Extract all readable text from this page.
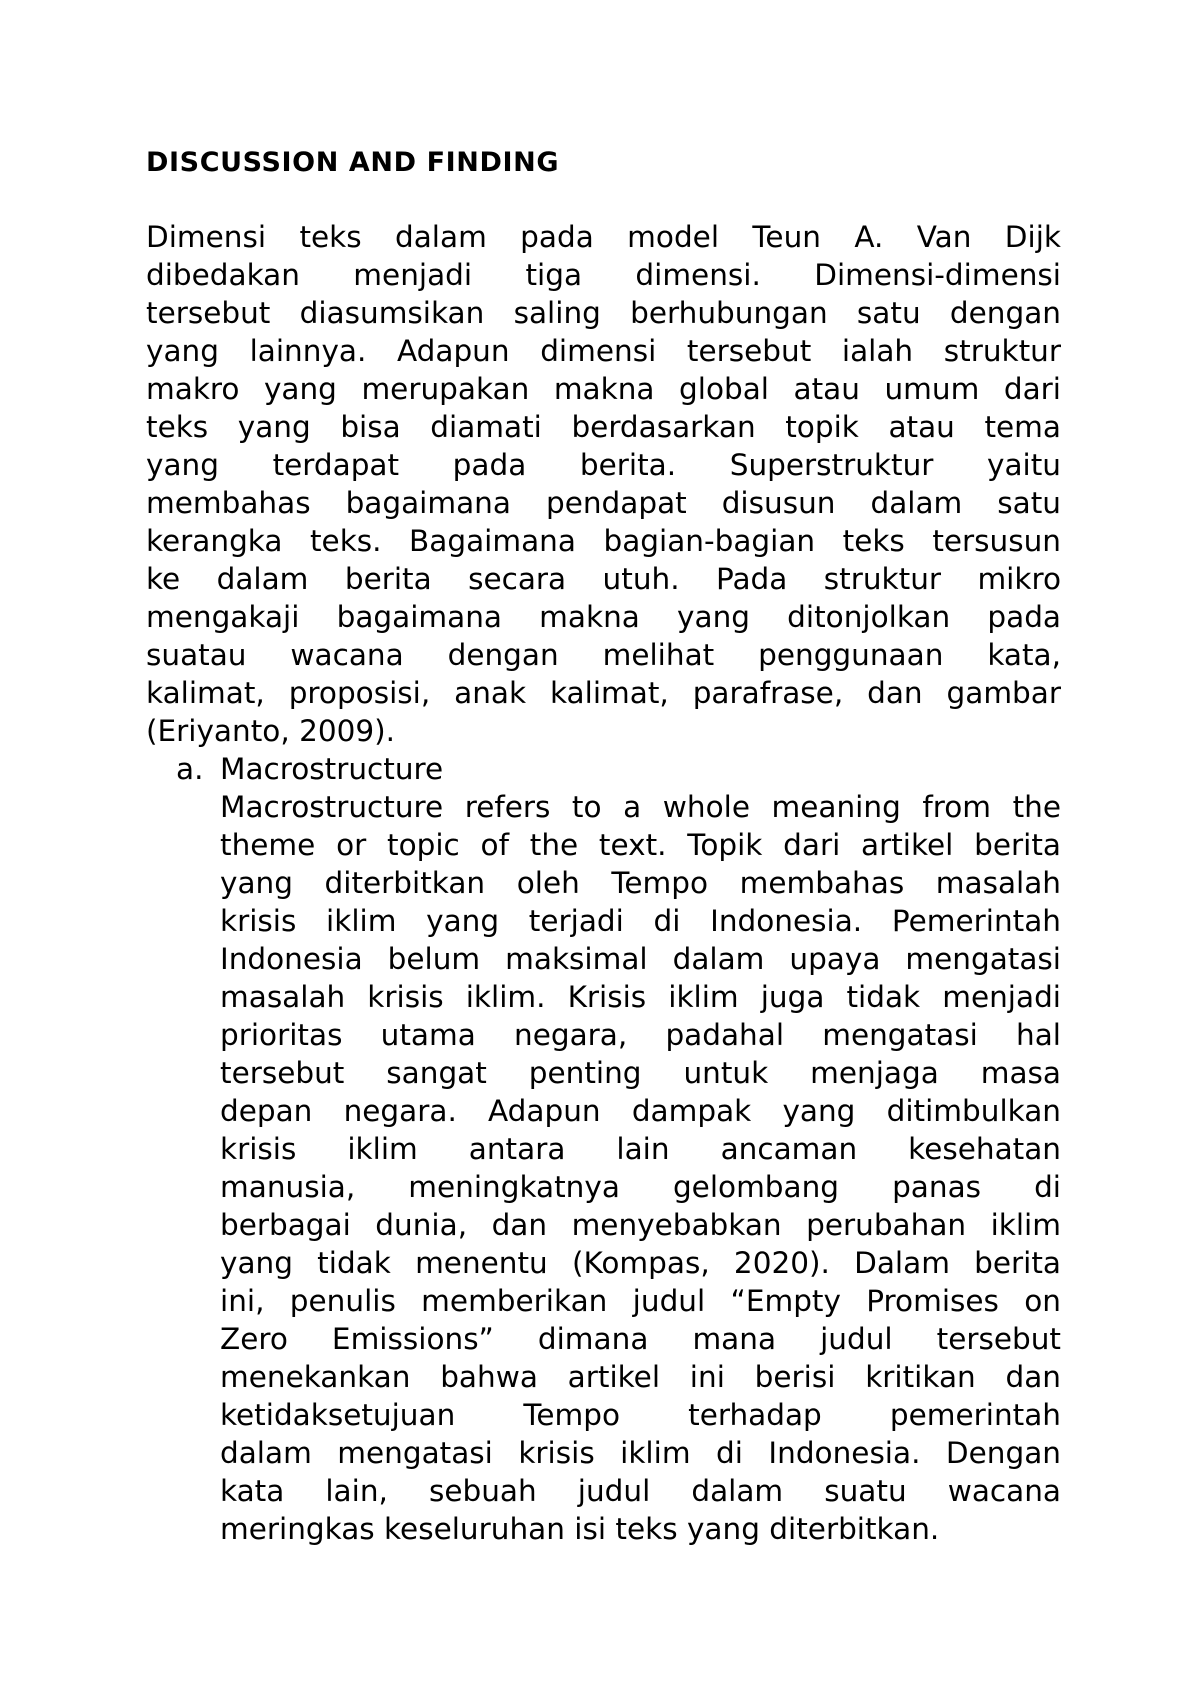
DISCUSSION AND FINDING
Dimensi teks dalam pada model Teun A. Van Dijk
dibedakan menjadi tiga dimensi. Dimensi-dimensi
tersebut diasumsikan saling berhubungan satu dengan
yang lainnya. Adapun dimensi tersebut ialah struktur
makro yang merupakan makna global atau umum dari
teks yang bisa diamati berdasarkan topik atau tema
yang terdapat pada berita. Superstruktur yaitu
membahas bagaimana pendapat disusun dalam satu
kerangka teks. Bagaimana bagian-bagian teks tersusun
ke dalam berita secara utuh. Pada struktur mikro
mengakaji bagaimana makna yang ditonjolkan pada
suatau wacana dengan melihat penggunaan kata,
kalimat, proposisi, anak kalimat, parafrase, dan gambar
(Eriyanto, 2009).
a. Macrostructure
Macrostructure refers to a whole meaning from the
theme or topic of the text. Topik dari artikel berita
yang diterbitkan oleh Tempo membahas masalah
krisis iklim yang terjadi di Indonesia. Pemerintah
Indonesia belum maksimal dalam upaya mengatasi
masalah krisis iklim. Krisis iklim juga tidak menjadi
prioritas utama negara, padahal mengatasi hal
tersebut sangat penting untuk menjaga masa
depan negara. Adapun dampak yang ditimbulkan
krisis iklim antara lain ancaman kesehatan
manusia, meningkatnya gelombang panas di
berbagai dunia, dan menyebabkan perubahan iklim
yang tidak menentu (Kompas, 2020). Dalam berita
ini, penulis memberikan judul “Empty Promises on
Zero Emissions” dimana mana judul tersebut
menekankan bahwa artikel ini berisi kritikan dan
ketidaksetujuan Tempo terhadap pemerintah
dalam mengatasi krisis iklim di Indonesia. Dengan
kata lain, sebuah judul dalam suatu wacana
meringkas keseluruhan isi teks yang diterbitkan.
